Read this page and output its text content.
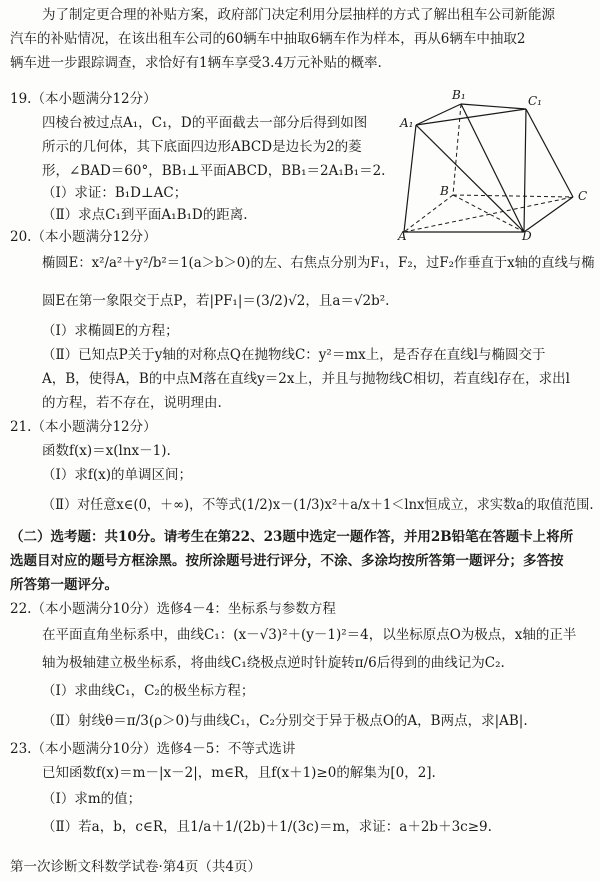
为了制定更合理的补贴方案，政府部门决定利用分层抽样的方式了解出租车公司新能源
汽车的补贴情况，在该出租车公司的60辆车中抽取6辆车作为样本，再从6辆车中抽取2
辆车进一步跟踪调查，求恰好有1辆车享受3.4万元补贴的概率.
19.（本小题满分12分）
四棱台被过点A₁，C₁，D的平面截去一部分后得到如图
所示的几何体，其下底面四边形ABCD是边长为2的菱
形，∠BAD＝60°，BB₁⊥平面ABCD，BB₁＝2A₁B₁＝2.
（Ⅰ）求证：B₁D⊥AC；
（Ⅱ）求点C₁到平面A₁B₁D的距离.
B₁	C₁
A₁
B	C
A	D
20.（本小题满分12分）
椭圆E：x²/a²＋y²/b²＝1(a＞b＞0)的左、右焦点分别为F₁，F₂，过F₂作垂直于x轴的直线与椭
圆E在第一象限交于点P，若|PF₁|＝(3/2)√2，且a＝√2b².
（Ⅰ）求椭圆E的方程；
（Ⅱ）已知点P关于y轴的对称点Q在抛物线C：y²＝mx上，是否存在直线l与椭圆交于
A，B，使得A，B的中点M落在直线y＝2x上，并且与抛物线C相切，若直线l存在，求出l
的方程，若不存在，说明理由.
21.（本小题满分12分）
函数f(x)＝x(lnx－1).
（Ⅰ）求f(x)的单调区间；
（Ⅱ）对任意x∈(0，＋∞)，不等式(1/2)x－(1/3)x²＋a/x＋1＜lnx恒成立，求实数a的取值范围.
（二）选考题：共10分。请考生在第22、23题中选定一题作答，并用2B铅笔在答题卡上将所
选题目对应的题号方框涂黑。按所涂题号进行评分，不涂、多涂均按所答第一题评分；多答按
所答第一题评分。
22.（本小题满分10分）选修4－4：坐标系与参数方程
在平面直角坐标系中，曲线C₁：(x－√3)²＋(y－1)²＝4，以坐标原点O为极点，x轴的正半
轴为极轴建立极坐标系，将曲线C₁绕极点逆时针旋转π/6后得到的曲线记为C₂.
（Ⅰ）求曲线C₁，C₂的极坐标方程；
（Ⅱ）射线θ＝π/3(ρ＞0)与曲线C₁，C₂分别交于异于极点O的A，B两点，求|AB|.
23.（本小题满分10分）选修4－5：不等式选讲
已知函数f(x)＝m－|x－2|，m∈R，且f(x＋1)≥0的解集为[0，2].
（Ⅰ）求m的值；
（Ⅱ）若a，b，c∈R，且1/a＋1/(2b)＋1/(3c)＝m，求证：a＋2b＋3c≥9.
第一次诊断文科数学试卷·第4页（共4页）
